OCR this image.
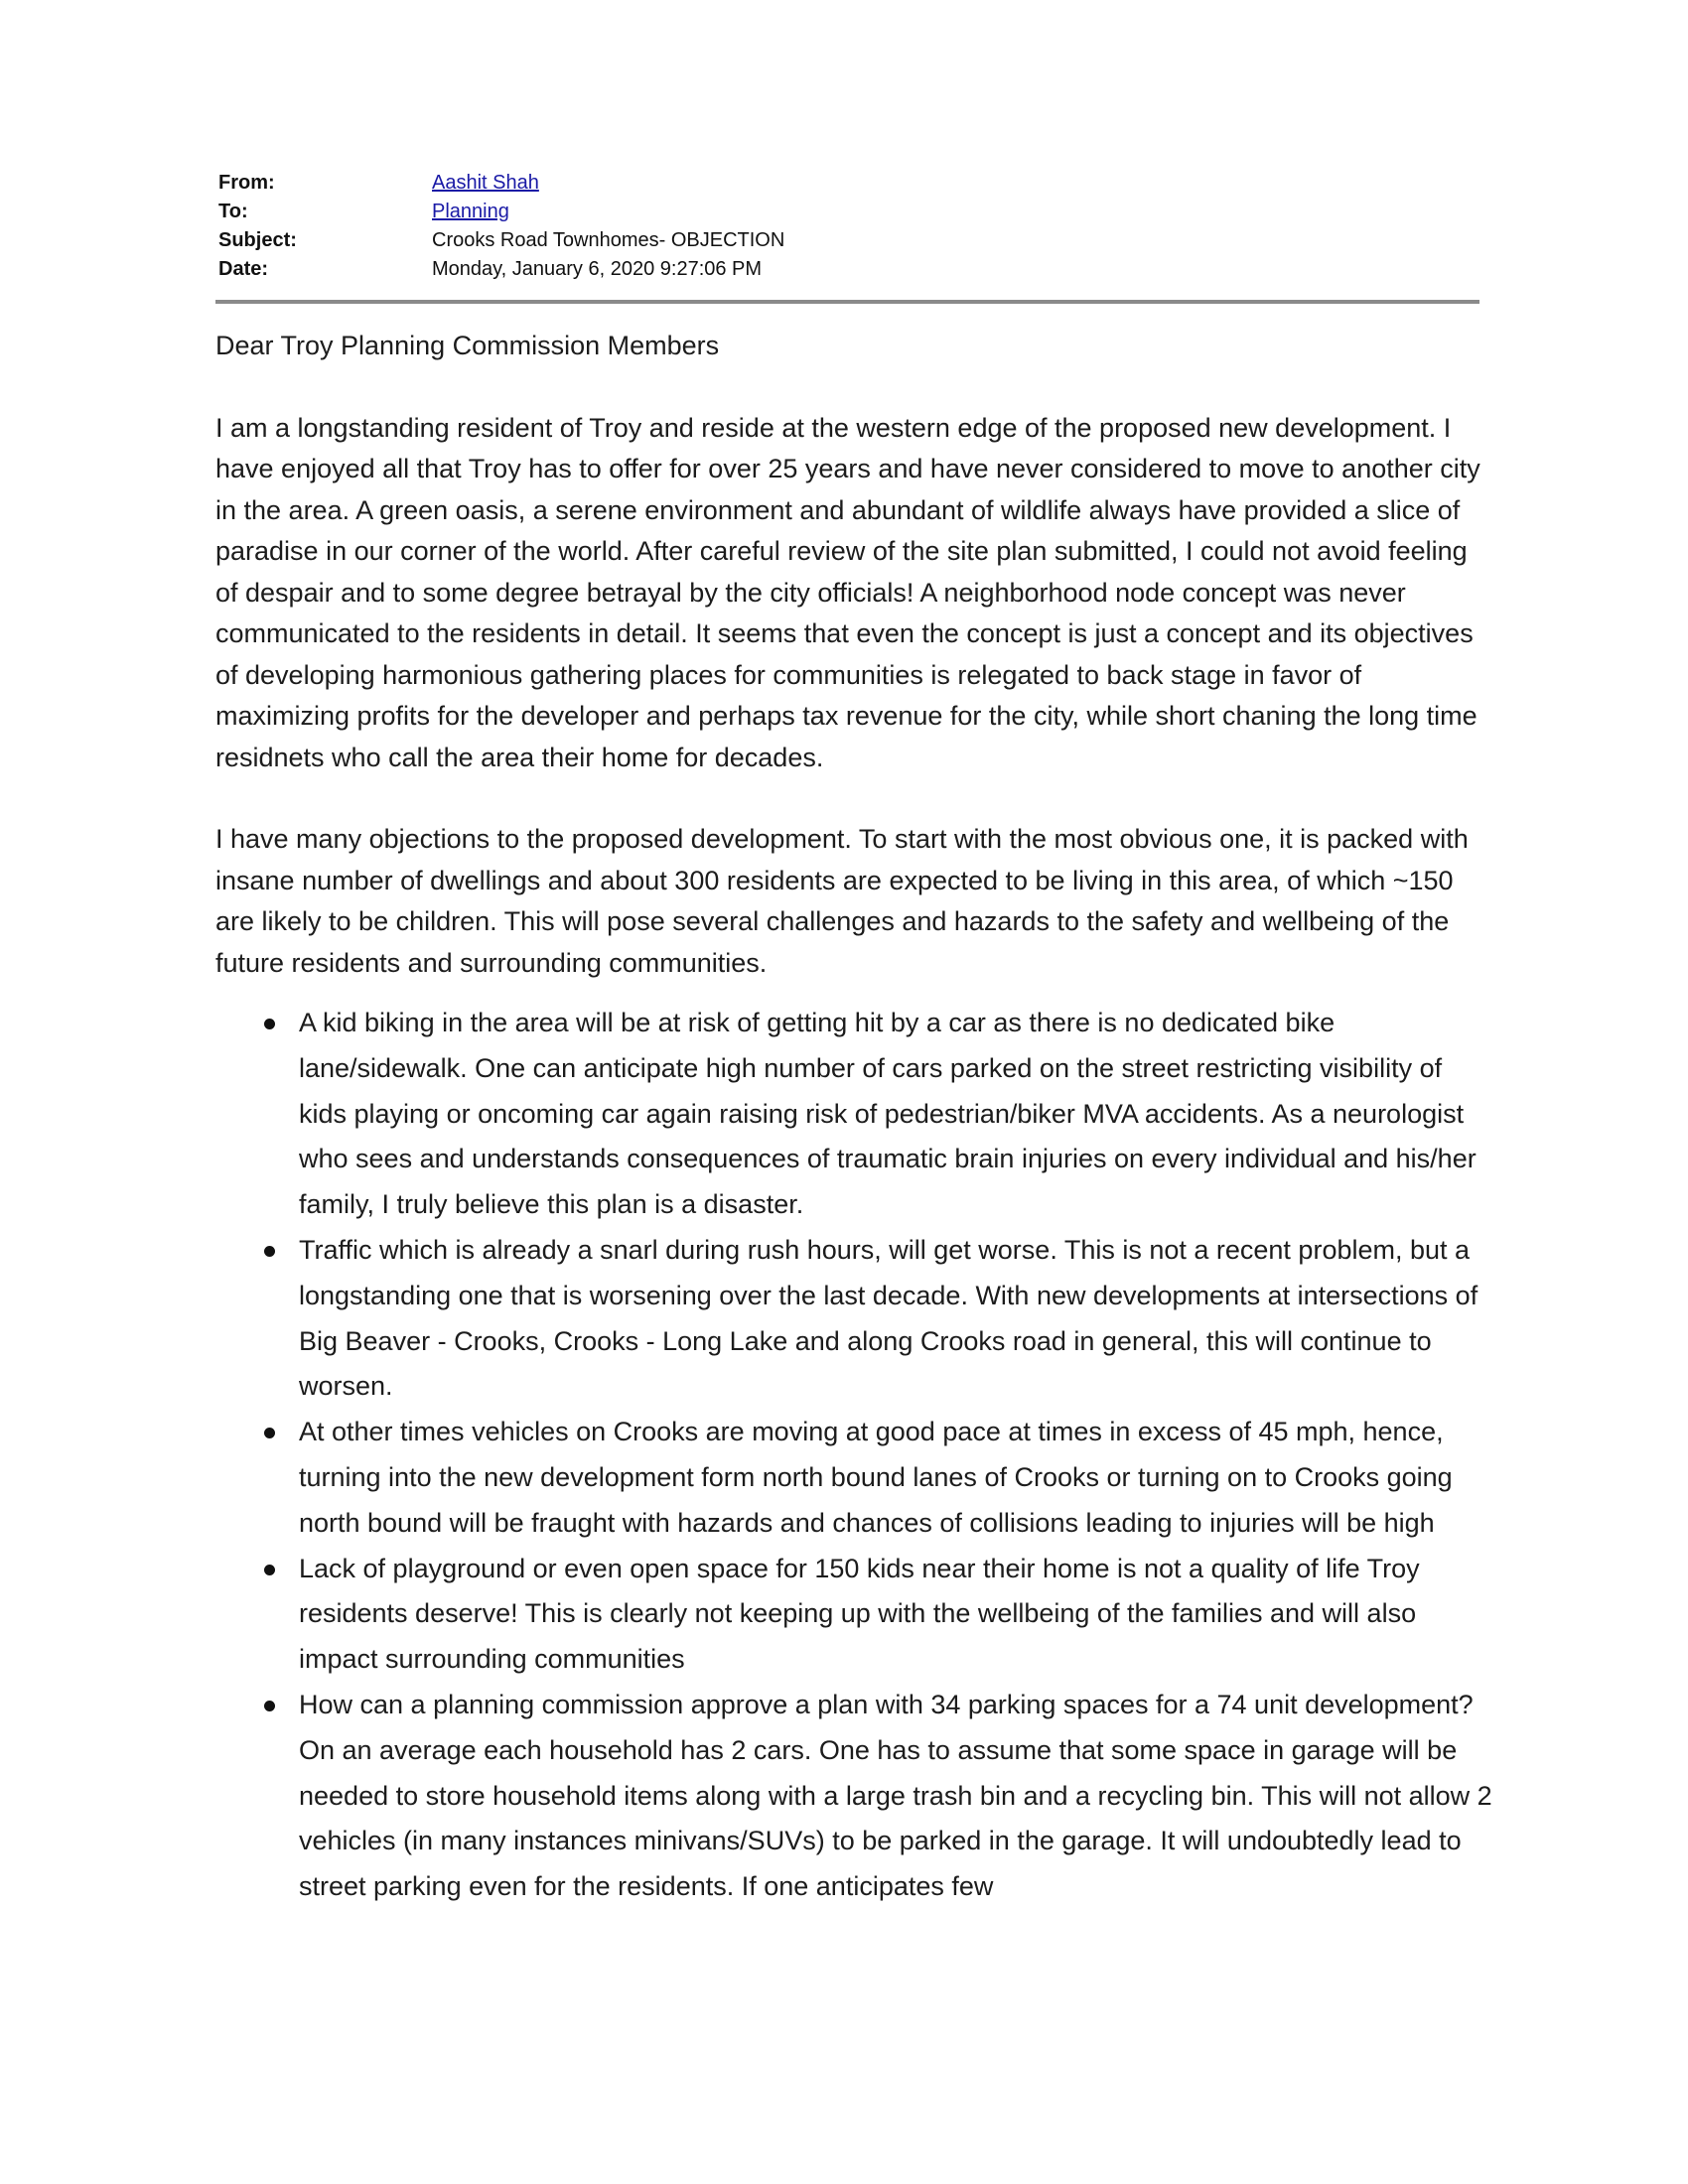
From:	Aashit Shah
To:	Planning
Subject:	Crooks Road Townhomes- OBJECTION
Date:	Monday, January 6, 2020 9:27:06 PM

Dear Troy Planning Commission Members

I am a longstanding resident of Troy and reside at the western edge of the proposed new development. I have enjoyed all that Troy has to offer for over 25 years and have never considered to move to another city in the area. A green oasis, a serene environment and abundant of wildlife always have provided a slice of paradise in our corner of the world. After careful review of the site plan submitted, I could not avoid feeling of despair and to some degree betrayal by the city officials! A neighborhood node concept was never communicated to the residents in detail. It seems that even the concept is just a concept and its objectives of developing harmonious gathering places for communities is relegated to back stage in favor of maximizing profits for the developer and perhaps tax revenue for the city, while short chaning the long time residnets who call the area their home for decades.

I have many objections to the proposed development. To start with the most obvious one, it is packed with insane number of dwellings and about 300 residents are expected to be living in this area, of which ~150 are likely to be children. This will pose several challenges and hazards to the safety and wellbeing of the future residents and surrounding communities.

A kid biking in the area will be at risk of getting hit by a car as there is no dedicated bike lane/sidewalk. One can anticipate high number of cars parked on the street restricting visibility of kids playing or oncoming car again raising risk of pedestrian/biker MVA accidents. As a neurologist who sees and understands consequences of traumatic brain injuries on every individual and his/her family, I truly believe this plan is a disaster.
Traffic which is already a snarl during rush hours, will get worse. This is not a recent problem, but a longstanding one that is worsening over the last decade. With new developments at intersections of Big Beaver - Crooks, Crooks - Long Lake and along Crooks road in general, this will continue to worsen.
At other times vehicles on Crooks are moving at good pace at times in excess of 45 mph, hence, turning into the new development form north bound lanes of Crooks or turning on to Crooks going north bound will be fraught with hazards and chances of collisions leading to injuries will be high
Lack of playground or even open space for 150 kids near their home is not a quality of life Troy residents deserve! This is clearly not keeping up with the wellbeing of the families and will also impact surrounding communities
How can a planning commission approve a plan with 34 parking spaces for a 74 unit development? On an average each household has 2 cars. One has to assume that some space in garage will be needed to store household items along with a large trash bin and a recycling bin. This will not allow 2 vehicles (in many instances minivans/SUVs) to be parked in the garage. It will undoubtedly lead to street parking even for the residents. If one anticipates few
